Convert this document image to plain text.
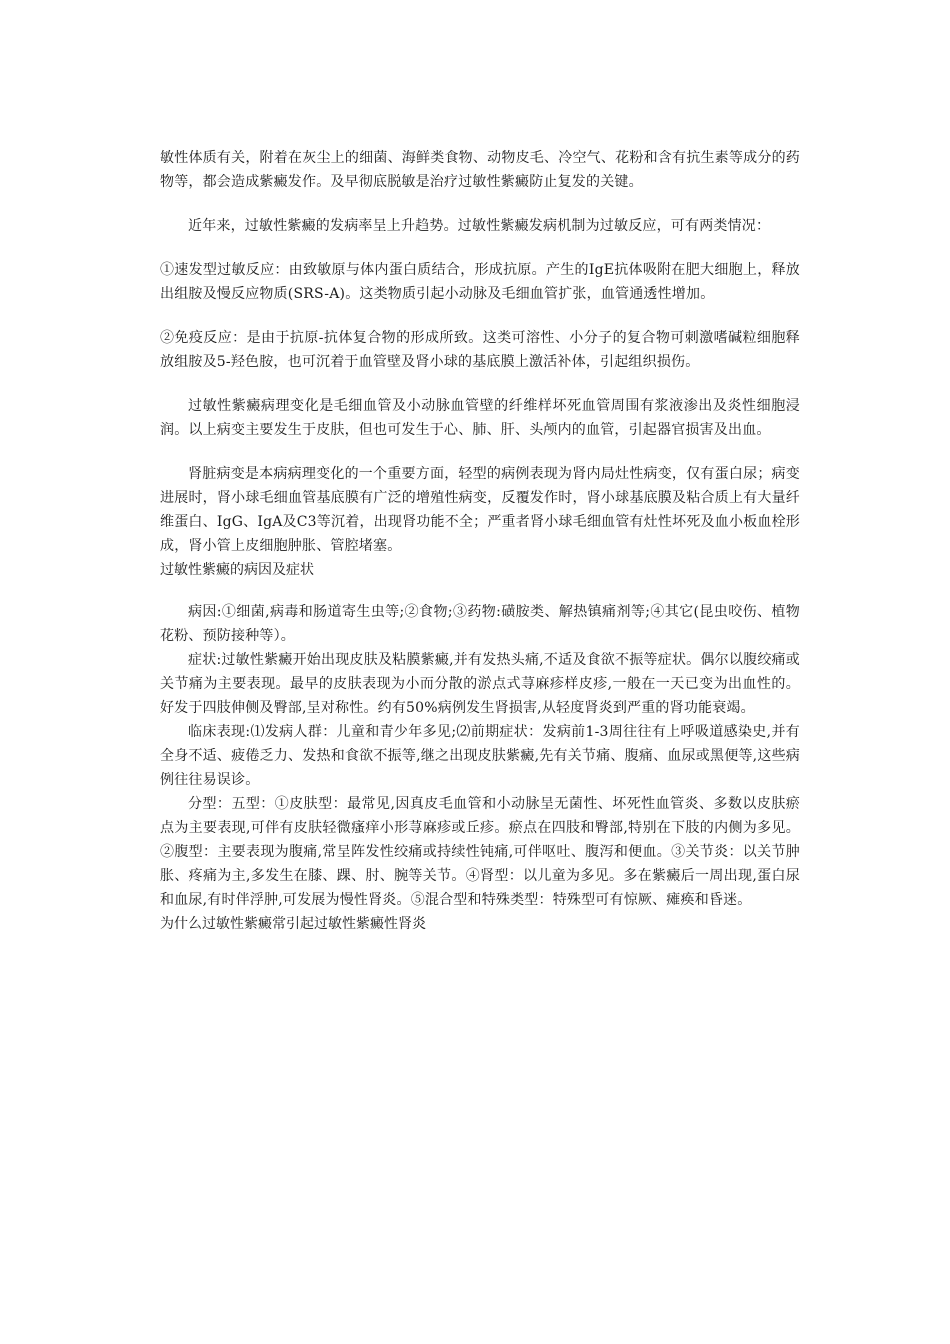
敏性体质有关，附着在灰尘上的细菌、海鲜类食物、动物皮毛、冷空气、花粉和含有抗生素等成分的药物等，都会造成紫癜发作。及早彻底脱敏是治疗过敏性紫癜防止复发的关键。

近年来，过敏性紫癜的发病率呈上升趋势。过敏性紫癜发病机制为过敏反应，可有两类情况：

①速发型过敏反应：由致敏原与体内蛋白质结合，形成抗原。产生的IgE抗体吸附在肥大细胞上，释放出组胺及慢反应物质(SRS-A)。这类物质引起小动脉及毛细血管扩张，血管通透性增加。

②免疫反应：是由于抗原-抗体复合物的形成所致。这类可溶性、小分子的复合物可刺激嗜碱粒细胞释放组胺及5-羟色胺，也可沉着于血管壁及肾小球的基底膜上激活补体，引起组织损伤。

过敏性紫癜病理变化是毛细血管及小动脉血管壁的纤维样坏死血管周围有浆液渗出及炎性细胞浸润。以上病变主要发生于皮肤，但也可发生于心、肺、肝、头颅内的血管，引起器官损害及出血。

肾脏病变是本病病理变化的一个重要方面，轻型的病例表现为肾内局灶性病变，仅有蛋白尿；病变进展时，肾小球毛细血管基底膜有广泛的增殖性病变，反覆发作时，肾小球基底膜及粘合质上有大量纤维蛋白、IgG、IgA及C3等沉着，出现肾功能不全；严重者肾小球毛细血管有灶性坏死及血小板血栓形成，肾小管上皮细胞肿胀、管腔堵塞。

过敏性紫癜的病因及症状

病因:①细菌,病毒和肠道寄生虫等;②食物;③药物:磺胺类、解热镇痛剂等;④其它(昆虫咬伤、植物花粉、预防接种等）。

症状:过敏性紫癜开始出现皮肤及粘膜紫癜,并有发热头痛,不适及食欲不振等症状。偶尔以腹绞痛或关节痛为主要表现。最早的皮肤表现为小而分散的淤点式荨麻疹样皮疹,一般在一天已变为出血性的。好发于四肢伸侧及臀部,呈对称性。约有50%病例发生肾损害,从轻度肾炎到严重的肾功能衰竭。

临床表现:⑴发病人群：儿童和青少年多见;⑵前期症状：发病前1-3周往往有上呼吸道感染史,并有全身不适、疲倦乏力、发热和食欲不振等,继之出现皮肤紫癜,先有关节痛、腹痛、血尿或黑便等,这些病例往往易误诊。

分型：五型：①皮肤型：最常见,因真皮毛血管和小动脉呈无菌性、坏死性血管炎、多数以皮肤瘀点为主要表现,可伴有皮肤轻微瘙痒小形荨麻疹或丘疹。瘀点在四肢和臀部,特别在下肢的内侧为多见。②腹型：主要表现为腹痛,常呈阵发性绞痛或持续性钝痛,可伴呕吐、腹泻和便血。③关节炎：以关节肿胀、疼痛为主,多发生在膝、踝、肘、腕等关节。④肾型：以儿童为多见。多在紫癜后一周出现,蛋白尿和血尿,有时伴浮肿,可发展为慢性肾炎。⑤混合型和特殊类型：特殊型可有惊厥、瘫痪和昏迷。

为什么过敏性紫癜常引起过敏性紫癜性肾炎
